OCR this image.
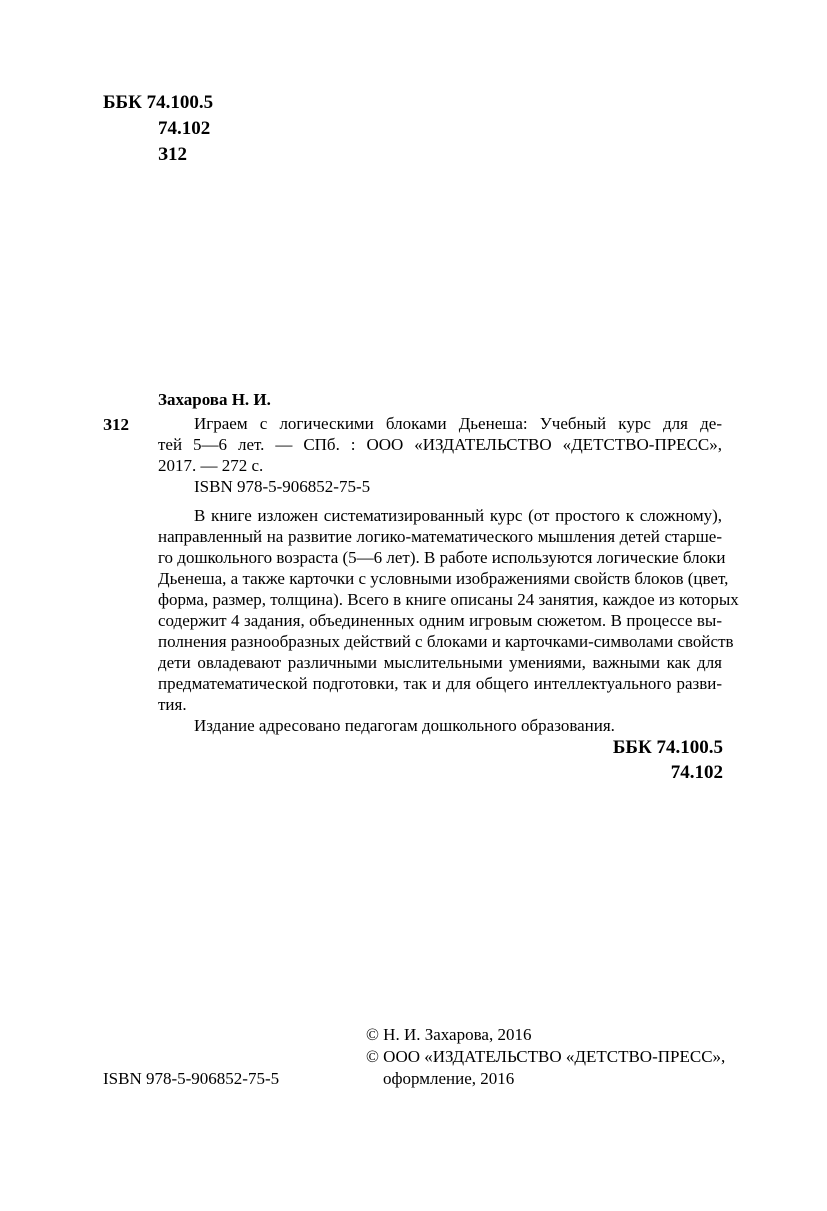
ББК 74.100.5
74.102
З12
Захарова Н. И.
З12	Играем с логическими блоками Дьенеша: Учебный курс для де-
тей 5—6 лет. — СПб. : ООО «ИЗДАТЕЛЬСТВО «ДЕТСТВО-ПРЕСС»,
2017. — 272 с.
ISBN 978-5-906852-75-5
В книге изложен систематизированный курс (от простого к сложному),
направленный на развитие логико-математического мышления детей старше-
го дошкольного возраста (5—6 лет). В работе используются логические блоки
Дьенеша, а также карточки с условными изображениями свойств блоков (цвет,
форма, размер, толщина). Всего в книге описаны 24 занятия, каждое из которых
содержит 4 задания, объединенных одним игровым сюжетом. В процессе вы-
полнения разнообразных действий с блоками и карточками-символами свойств
дети овладевают различными мыслительными умениями, важными как для
предматематической подготовки, так и для общего интеллектуального разви-
тия.
Издание адресовано педагогам дошкольного образования.
ББК 74.100.5
74.102
© Н. И. Захарова, 2016
© ООО «ИЗДАТЕЛЬСТВО «ДЕТСТВО-ПРЕСС»,
оформление, 2016
ISBN 978-5-906852-75-5
